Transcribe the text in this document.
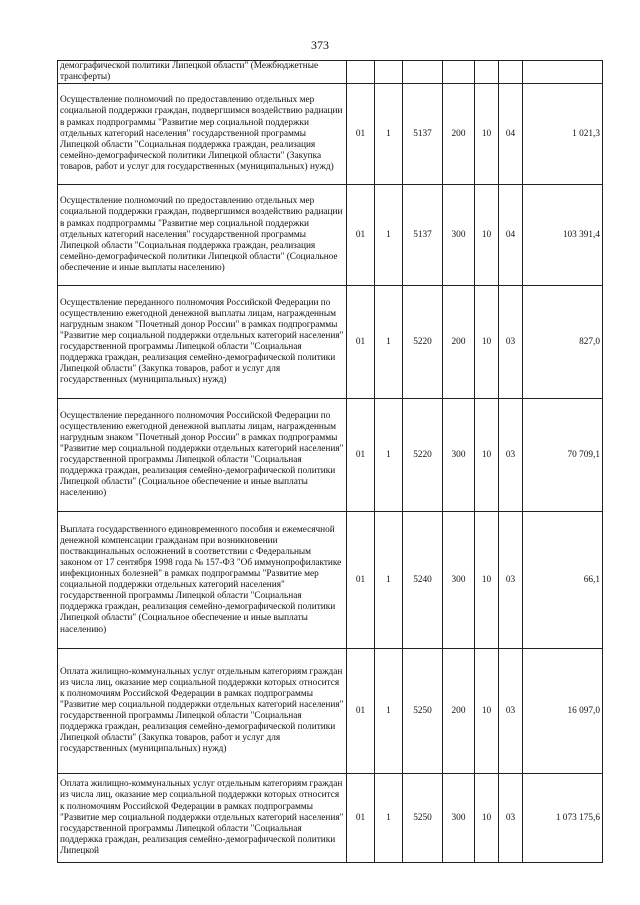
373
демографической политики Липецкой области" (Межбюджетные трансферты)							
Осуществление полномочий по предоставлению отдельных мер социальной поддержки граждан, подвергшимся воздействию радиации в рамках подпрограммы "Развитие мер социальной поддержки отдельных категорий населения" государственной программы Липецкой области "Социальная поддержка граждан, реализация семейно-демографической политики Липецкой области" (Закупка товаров, работ и услуг для государственных (муниципальных) нужд)	01	1	5137	200	10	04	1 021,3
Осуществление полномочий по предоставлению отдельных мер социальной поддержки граждан, подвергшимся воздействию радиации в рамках подпрограммы "Развитие мер социальной поддержки отдельных категорий населения" государственной программы Липецкой области "Социальная поддержка граждан, реализация семейно-демографической политики Липецкой области" (Социальное обеспечение и иные выплаты населению)	01	1	5137	300	10	04	103 391,4
Осуществление переданного полномочия Российской Федерации по осуществлению ежегодной денежной выплаты лицам, награжденным нагрудным знаком "Почетный донор России" в рамках подпрограммы "Развитие мер социальной поддержки отдельных категорий населения" государственной программы Липецкой области "Социальная поддержка граждан, реализация семейно-демографической политики Липецкой области" (Закупка товаров, работ и услуг для государственных (муниципальных) нужд)	01	1	5220	200	10	03	827,0
Осуществление переданного полномочия Российской Федерации по осуществлению ежегодной денежной выплаты лицам, награжденным нагрудным знаком "Почетный донор России" в рамках подпрограммы "Развитие мер социальной поддержки отдельных категорий населения" государственной программы Липецкой области "Социальная поддержка граждан, реализация семейно-демографической политики Липецкой области" (Социальное обеспечение и иные выплаты населению)	01	1	5220	300	10	03	70 709,1
Выплата государственного единовременного пособия и ежемесячной денежной компенсации гражданам при возникновении поствакцинальных осложнений в соответствии с Федеральным законом от 17 сентября 1998 года № 157-ФЗ "Об иммунопрофилактике инфекционных болезней" в рамках подпрограммы "Развитие мер социальной поддержки отдельных категорий населения" государственной программы Липецкой области "Социальная поддержка граждан, реализация семейно-демографической политики Липецкой области" (Социальное обеспечение и иные выплаты населению)	01	1	5240	300	10	03	66,1
Оплата жилищно-коммунальных услуг отдельным категориям граждан из числа лиц, оказание мер социальной поддержки которых относится к полномочиям Российской Федерации в рамках подпрограммы "Развитие мер социальной поддержки отдельных категорий населения" государственной программы Липецкой области "Социальная поддержка граждан, реализация семейно-демографической политики Липецкой области" (Закупка товаров, работ и услуг для государственных (муниципальных) нужд)	01	1	5250	200	10	03	16 097,0
Оплата жилищно-коммунальных услуг отдельным категориям граждан из числа лиц, оказание мер социальной поддержки которых относится к полномочиям Российской Федерации в рамках подпрограммы "Развитие мер социальной поддержки отдельных категорий населения" государственной программы Липецкой области "Социальная поддержка граждан, реализация семейно-демографической политики Липецкой	01	1	5250	300	10	03	1 073 175,6
